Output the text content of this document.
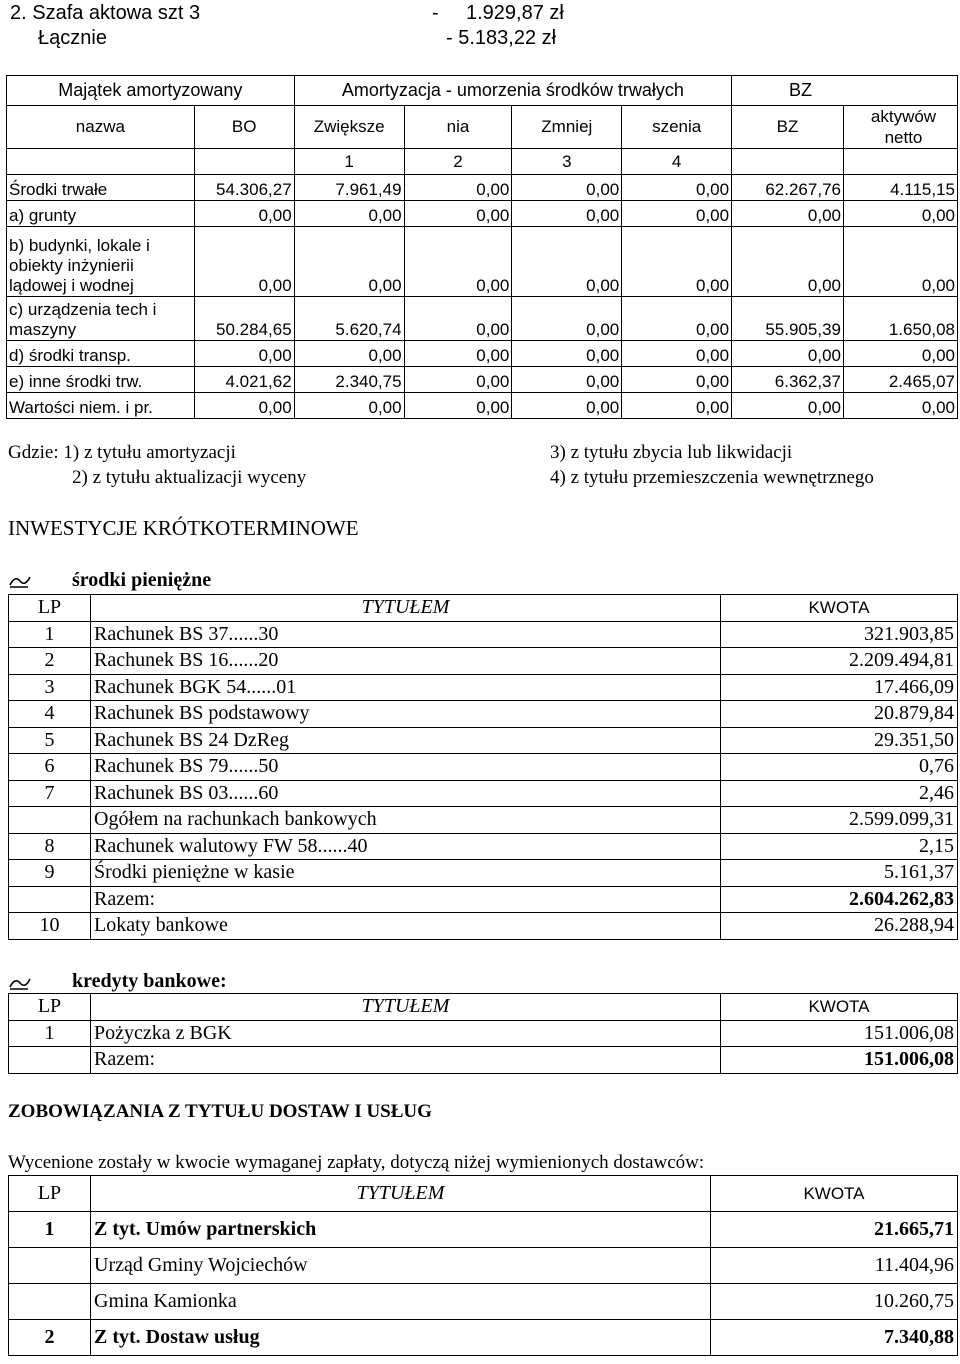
2. Szafa aktowa szt 3	- 1.929,87 zł
Łącznie	- 5.183,22 zł
Majątek amortyzowany		Amortyzacja - umorzenia środków trwałych				BZ	
nazwa	BO	Zwiększe	nia	Zmniej	szenia	BZ	aktywów netto
		1	2	3	4		
Środki trwałe	54.306,27	7.961,49	0,00	0,00	0,00	62.267,76	4.115,15
a) grunty	0,00	0,00	0,00	0,00	0,00	0,00	0,00
b) budynki, lokale i obiekty inżynierii lądowej i wodnej	0,00	0,00	0,00	0,00	0,00	0,00	0,00
c) urządzenia tech i maszyny	50.284,65	5.620,74	0,00	0,00	0,00	55.905,39	1.650,08
d) środki transp.	0,00	0,00	0,00	0,00	0,00	0,00	0,00
e) inne środki trw.	4.021,62	2.340,75	0,00	0,00	0,00	6.362,37	2.465,07
Wartości niem. i pr.	0,00	0,00	0,00	0,00	0,00	0,00	0,00
Gdzie: 1) z tytułu amortyzacji
2) z tytułu aktualizacji wyceny
3) z tytułu zbycia lub likwidacji
4) z tytułu przemieszczenia wewnętrznego
INWESTYCJE KRÓTKOTERMINOWE
środki pieniężne
LP	TYTUŁEM	KWOTA
1	Rachunek BS 37......30	321.903,85
2	Rachunek BS 16......20	2.209.494,81
3	Rachunek BGK 54......01	17.466,09
4	Rachunek BS podstawowy	20.879,84
5	Rachunek BS 24 DzReg	29.351,50
6	Rachunek BS 79......50	0,76
7	Rachunek BS 03......60	2,46
	Ogółem na rachunkach bankowych	2.599.099,31
8	Rachunek walutowy FW 58......40	2,15
9	Środki pieniężne w kasie	5.161,37
	Razem:	2.604.262,83
10	Lokaty bankowe	26.288,94
kredyty bankowe:
LP	TYTUŁEM	KWOTA
1	Pożyczka z BGK	151.006,08
	Razem:	151.006,08
ZOBOWIĄZANIA Z TYTUŁU DOSTAW I USŁUG
Wycenione zostały w kwocie wymaganej zapłaty, dotyczą niżej wymienionych dostawców:
LP	TYTUŁEM	KWOTA
1	Z tyt. Umów partnerskich	21.665,71
	Urząd Gminy Wojciechów	11.404,96
	Gmina Kamionka	10.260,75
2	Z tyt. Dostaw usług	7.340,88
